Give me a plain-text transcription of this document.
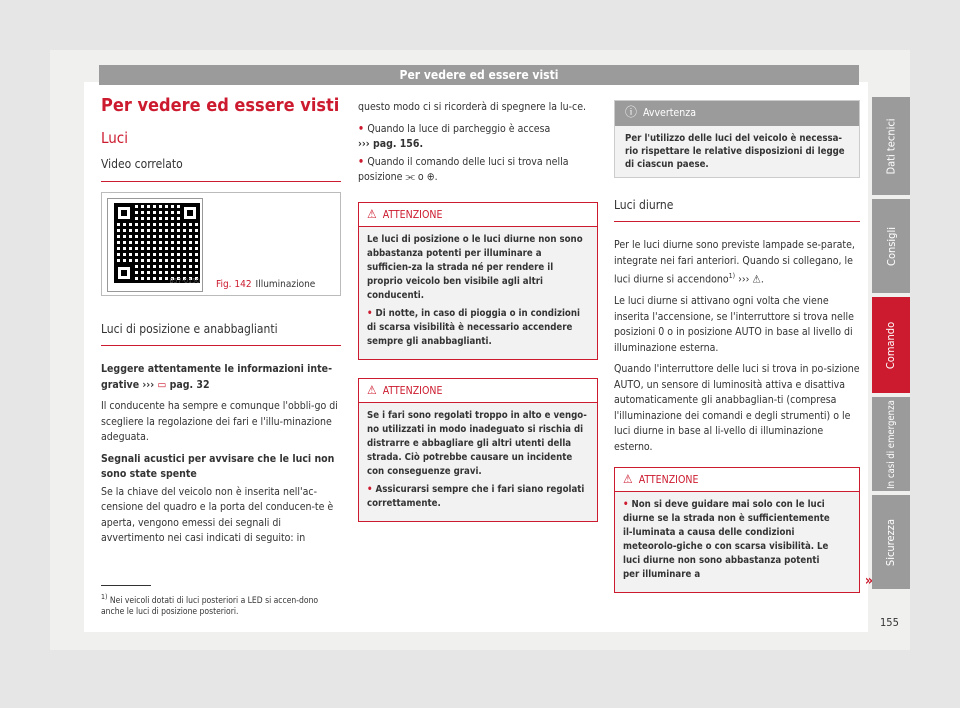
Per vedere ed essere visti
Dati tecnici
Consigli
Comando
In casi di emergenza
Sicurezza
Per vedere ed essere visti
Luci
Video correlato
B57-0150 Fig. 142 Illuminazione
Luci di posizione e anabbaglianti

Leggere attentamente le informazioni inte-grative ››› ▭ pag. 32

Il conducente ha sempre e comunque l'obbli-go di scegliere la regolazione dei fari e l'illu-minazione adeguata.

Segnali acustici per avvisare che le luci non sono state spente

Se la chiave del veicolo non è inserita nell'ac-censione del quadro e la porta del conducen-te è aperta, vengono emessi dei segnali di avvertimento nei casi indicati di seguito: in

questo modo ci si ricorderà di spegnere la lu-ce.

• Quando la luce di parcheggio è accesa
››› pag. 156.

• Quando il comando delle luci si trova nella posizione ⫘ o ⊕.

⚠ ATTENZIONE

Le luci di posizione o le luci diurne non sono abbastanza potenti per illuminare a sufficien-za la strada né per rendere il proprio veicolo ben visibile agli altri conducenti.

• Di notte, in caso di pioggia o in condizioni di scarsa visibilità è necessario accendere sempre gli anabbaglianti.

⚠ ATTENZIONE

Se i fari sono regolati troppo in alto e vengo-no utilizzati in modo inadeguato si rischia di distrarre e abbagliare gli altri utenti della strada. Ciò potrebbe causare un incidente con conseguenze gravi.

• Assicurarsi sempre che i fari siano regolati correttamente.

ⓘ Avvertenza
Per l'utilizzo delle luci del veicolo è necessa-rio rispettare le relative disposizioni di legge di ciascun paese.
Luci diurne

Per le luci diurne sono previste lampade se-parate, integrate nei fari anteriori. Quando si collegano, le luci diurne si accendono$^{1)}$ ››› ⚠.

Le luci diurne si attivano ogni volta che viene inserita l'accensione, se l'interruttore si trova nelle posizioni 0 o in posizione AUTO in base al livello di illuminazione esterna.

Quando l'interruttore delle luci si trova in po-sizione AUTO, un sensore di luminosità attiva e disattiva automaticamente gli anabbaglian-ti (compresa l'illuminazione dei comandi e degli strumenti) o le luci diurne in base al li-vello di illuminazione esterno.

⚠ ATTENZIONE

• Non si deve guidare mai solo con le luci diurne se la strada non è sufficientemente il-luminata a causa delle condizioni meteorolo-giche o con scarsa visibilità. Le luci diurne non sono abbastanza potenti per illuminare a	»
$^{1)}$ Nei veicoli dotati di luci posteriori a LED si accen-dono anche le luci di posizione posteriori.
155
